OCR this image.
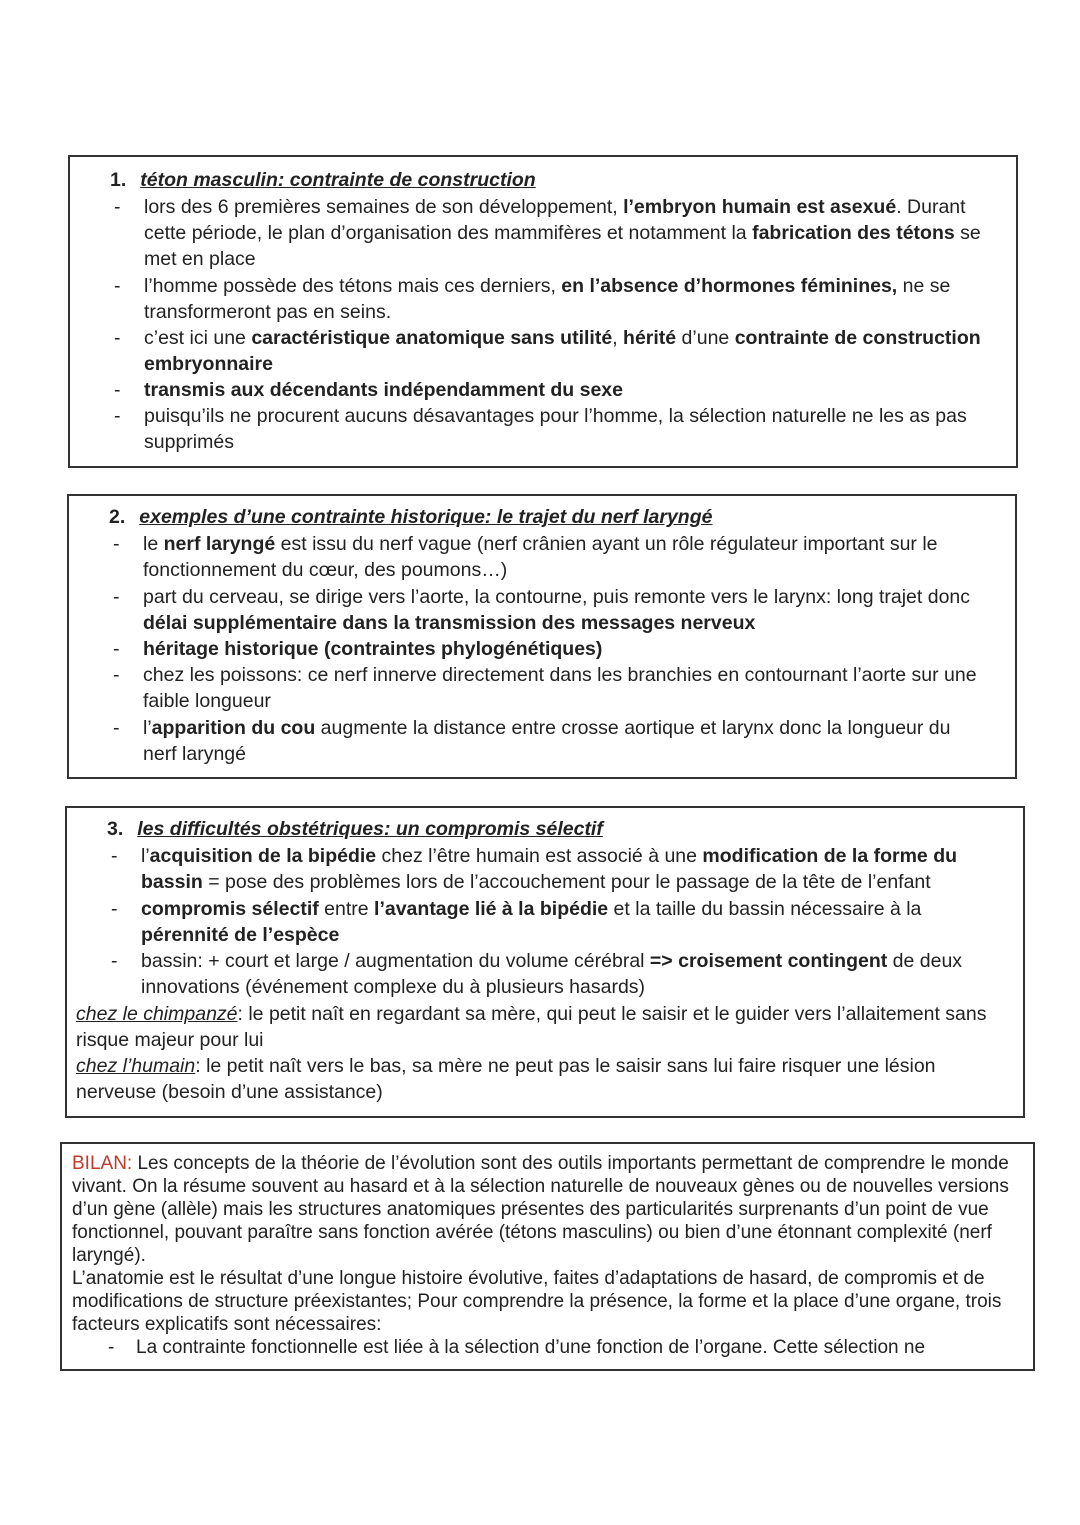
1. téton masculin: contrainte de construction
- lors des 6 premières semaines de son développement, l’embryon humain est asexué. Durant
cette période, le plan d’organisation des mammifères et notamment la fabrication des tétons se
met en place
- l’homme possède des tétons mais ces derniers, en l’absence d’hormones féminines, ne se
transformeront pas en seins.
- c’est ici une caractéristique anatomique sans utilité, hérité d’une contrainte de construction
embryonnaire
- transmis aux décendants indépendamment du sexe
- puisqu’ils ne procurent aucuns désavantages pour l’homme, la sélection naturelle ne les as pas
supprimés
2. exemples d’une contrainte historique: le trajet du nerf laryngé
- le nerf laryngé est issu du nerf vague (nerf crânien ayant un rôle régulateur important sur le
fonctionnement du cœur, des poumons…)
- part du cerveau, se dirige vers l’aorte, la contourne, puis remonte vers le larynx: long trajet donc
délai supplémentaire dans la transmission des messages nerveux
- héritage historique (contraintes phylogénétiques)
- chez les poissons: ce nerf innerve directement dans les branchies en contournant l’aorte sur une
faible longueur
- l’apparition du cou augmente la distance entre crosse aortique et larynx donc la longueur du
nerf laryngé
3. les difficultés obstétriques: un compromis sélectif
- l’acquisition de la bipédie chez l’être humain est associé à une modification de la forme du
bassin = pose des problèmes lors de l’accouchement pour le passage de la tête de l’enfant
- compromis sélectif entre l’avantage lié à la bipédie et la taille du bassin nécessaire à la
pérennité de l’espèce
- bassin: + court et large / augmentation du volume cérébral => croisement contingent de deux
innovations (événement complexe du à plusieurs hasards)
chez le chimpanzé: le petit naît en regardant sa mère, qui peut le saisir et le guider vers l’allaitement sans
risque majeur pour lui
chez l’humain: le petit naît vers le bas, sa mère ne peut pas le saisir sans lui faire risquer une lésion
nerveuse (besoin d’une assistance)

BILAN: Les concepts de la théorie de l’évolution sont des outils importants permettant de comprendre le monde vivant. On la résume souvent au hasard et à la sélection naturelle de nouveaux gènes ou de nouvelles versions d’un gène (allèle) mais les structures anatomiques présentes des particularités surprenants d’un point de vue fonctionnel, pouvant paraître sans fonction avérée (tétons masculins) ou bien d’une étonnant complexité (nerf laryngé).

L’anatomie est le résultat d’une longue histoire évolutive, faites d’adaptations de hasard, de compromis et de modifications de structure préexistantes; Pour comprendre la présence, la forme et la place d’une organe, trois facteurs explicatifs sont nécessaires:

- La contrainte fonctionnelle est liée à la sélection d’une fonction de l’organe. Cette sélection ne
